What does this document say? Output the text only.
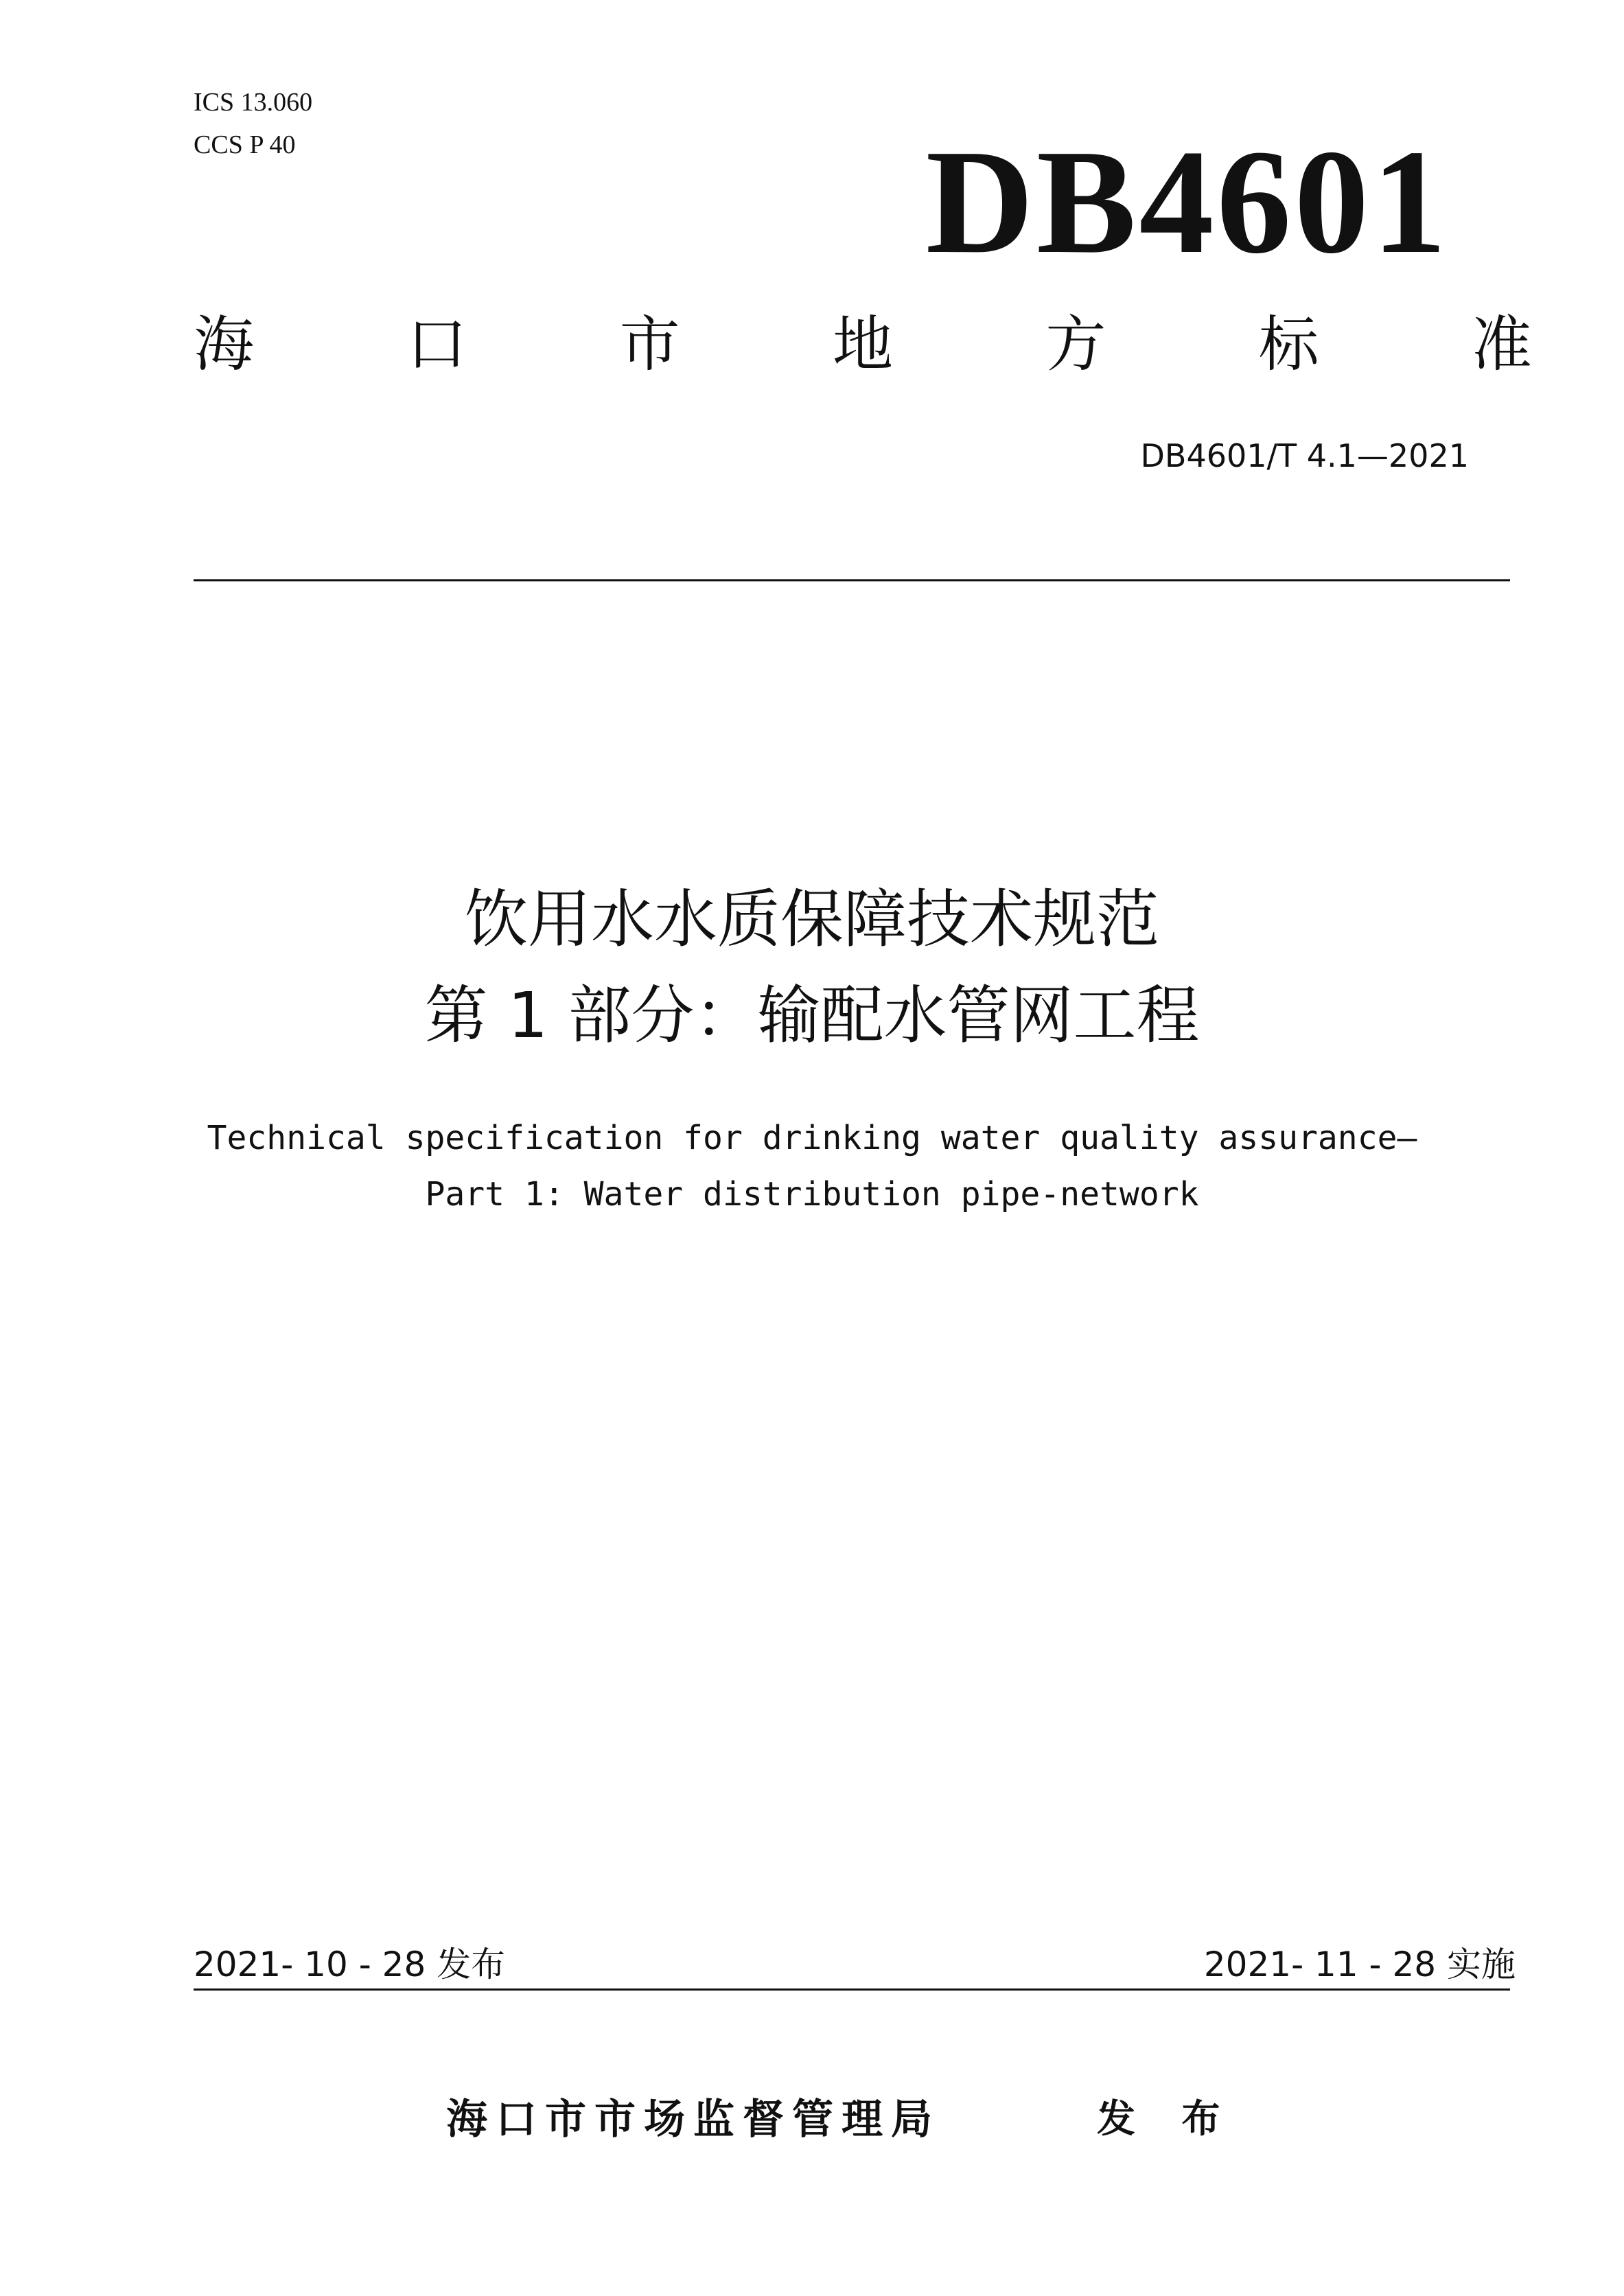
ICS 13.060
CCS P 40	DB4601
海	口	市	地	方	标	准
DB4601/T 4.1—2021
饮用水水质保障技术规范
第 1 部分：输配水管网工程
Technical specification for drinking water quality assurance—
Part 1: Water distribution pipe-network
2021- 10 - 28 发布	2021- 11 - 28 实施
海口市市场监督管理局	发 布
